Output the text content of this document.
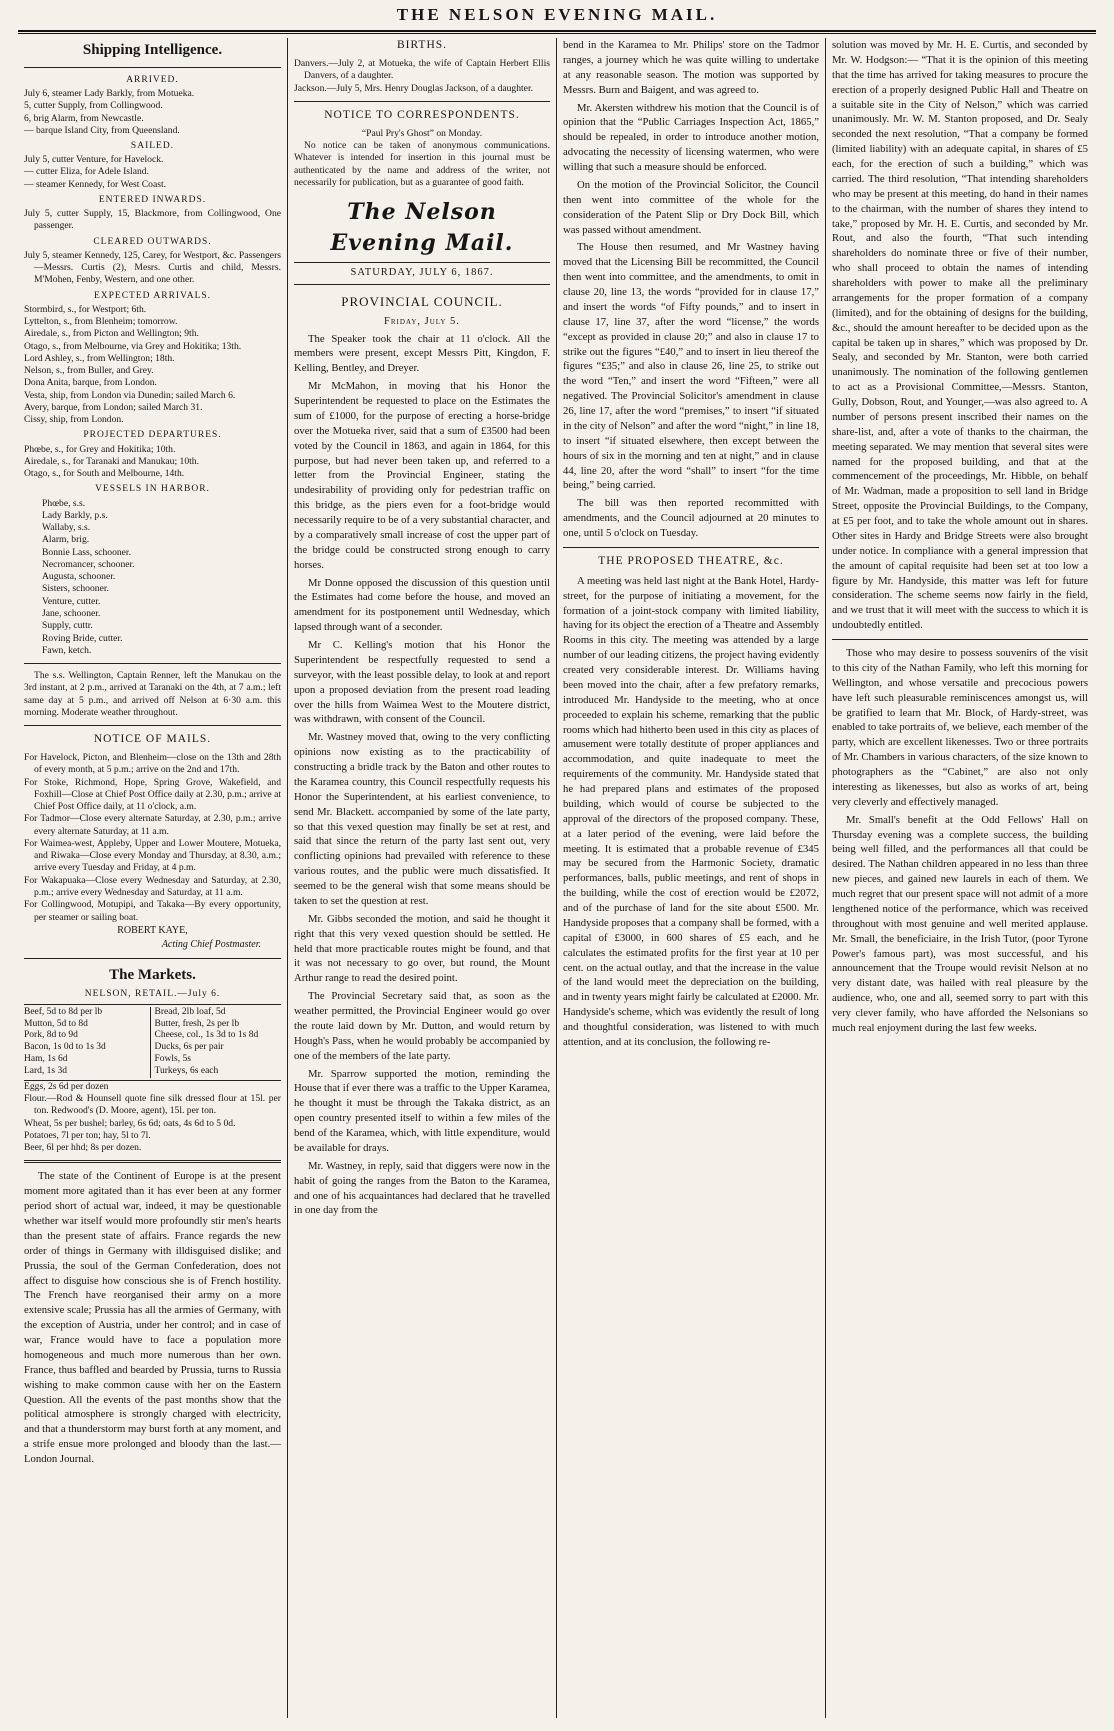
THE NELSON EVENING MAIL.
Shipping Intelligence.
ARRIVED.

July 6, steamer Lady Barkly, from Motueka.

5, cutter Supply, from Collingwood.

6, brig Alarm, from Newcastle.

— barque Island City, from Queensland.

SAILED.

July 5, cutter Venture, for Havelock.

— cutter Eliza, for Adele Island.

— steamer Kennedy, for West Coast.

ENTERED INWARDS.

July 5, cutter Supply, 15, Blackmore, from Collingwood, One passenger.

CLEARED OUTWARDS.

July 5, steamer Kennedy, 125, Carey, for Westport, &c. Passengers—Messrs. Curtis (2), Mesrs. Curtis and child, Messrs. M'Mohen, Fenby, Western, and one other.

EXPECTED ARRIVALS.

Stormbird, s., for Westport; 6th.

Lyttelton, s., from Blenheim; tomorrow.

Airedale, s., from Picton and Wellington; 9th.

Otago, s., from Melbourne, via Grey and Hokitika; 13th.

Lord Ashley, s., from Wellington; 18th.

Nelson, s., from Buller, and Grey.

Dona Anita, barque, from London.

Vesta, ship, from London via Dunedin; sailed March 6.

Avery, barque, from London; sailed March 31.

Cissy, ship, from London.

PROJECTED DEPARTURES.

Phœbe, s., for Grey and Hokitika; 10th.

Airedale, s., for Taranaki and Manukau; 10th.

Otago, s., for South and Melbourne, 14th.

VESSELS IN HARBOR.
Phœbe, s.s.
Lady Barkly, p.s.
Wallaby, s.s.
Alarm, brig.
Bonnie Lass, schooner.
Necromancer, schooner.
Augusta, schooner.
Sisters, schooner.
Venture, cutter.
Jane, schooner.
Supply, cuttr.
Roving Bride, cutter.
Fawn, ketch.

The s.s. Wellington, Captain Renner, left the Manukau on the 3rd instant, at 2 p.m., arrived at Taranaki on the 4th, at 7 a.m.; left same day at 5 p.m., and arrived off Nelson at 6·30 a.m. this morning. Moderate weather throughout.

NOTICE OF MAILS.

For Havelock, Picton, and Blenheim—close on the 13th and 28th of every month, at 5 p.m.; arrive on the 2nd and 17th.

For Stoke, Richmond, Hope, Spring Grove, Wakefield, and Foxhill—Close at Chief Post Office daily at 2.30, p.m.; arrive at Chief Post Office daily, at 11 o'clock, a.m.

For Tadmor—Close every alternate Saturday, at 2.30, p.m.; arrive every alternate Saturday, at 11 a.m.

For Waimea-west, Appleby, Upper and Lower Moutere, Motueka, and Riwaka—Close every Monday and Thursday, at 8.30, a.m.; arrive every Tuesday and Friday, at 4 p.m.

For Wakapuaka—Close every Wednesday and Saturday, at 2.30, p.m.; arrive every Wednesday and Saturday, at 11 a.m.

For Collingwood, Motupipi, and Takaka—By every opportunity, per steamer or sailing boat.

ROBERT KAYE,
Acting Chief Postmaster.
The Markets.
NELSON, RETAIL.—July 6.
Beef, 5d to 8d per lb	Bread, 2lb loaf, 5d
Mutton, 5d to 8d	Butter, fresh, 2s per lb
Pork, 8d to 9d	Cheese, col., 1s 3d to 1s 8d
Bacon, 1s 0d to 1s 3d	Ducks, 6s per pair
Ham, 1s 6d	Fowls, 5s
Lard, 1s 3d	Turkeys, 6s each

Eggs, 2s 6d per dozen

Flour.—Rod & Hounsell quote fine silk dressed flour at 15l. per ton. Redwood's (D. Moore, agent), 15l. per ton.

Wheat, 5s per bushel; barley, 6s 6d; oats, 4s 6d to 5 0d.

Potatoes, 7l per ton; hay, 5l to 7l.

Beer, 6l per hhd; 8s per dozen.

The state of the Continent of Europe is at the present moment more agitated than it has ever been at any former period short of actual war, indeed, it may be questionable whether war itself would more profoundly stir men's hearts than the present state of affairs. France regards the new order of things in Germany with illdisguised dislike; and Prussia, the soul of the German Confederation, does not affect to disguise how conscious she is of French hostility. The French have reorganised their army on a more extensive scale; Prussia has all the armies of Germany, with the exception of Austria, under her control; and in case of war, France would have to face a population more homogeneous and much more numerous than her own. France, thus baffled and bearded by Prussia, turns to Russia wishing to make common cause with her on the Eastern Question. All the events of the past months show that the political atmosphere is strongly charged with electricity, and that a thunderstorm may burst forth at any moment, and a strife ensue more prolonged and bloody than the last.—London Journal.

BIRTHS.

Danvers.—July 2, at Motueka, the wife of Captain Herbert Ellis Danvers, of a daughter.

Jackson.—July 5, Mrs. Henry Douglas Jackson, of a daughter.

NOTICE TO CORRESPONDENTS.

“Paul Pry's Ghost” on Monday.

No notice can be taken of anonymous communications. Whatever is intended for insertion in this journal must be authenticated by the name and address of the writer, not necessarily for publication, but as a guarantee of good faith.

The Nelson Evening Mail.
SATURDAY, JULY 6, 1867.
PROVINCIAL COUNCIL.
Friday, July 5.

The Speaker took the chair at 11 o'clock. All the members were present, except Messrs Pitt, Kingdon, F. Kelling, Bentley, and Dreyer.

Mr McMahon, in moving that his Honor the Superintendent be requested to place on the Estimates the sum of £1000, for the purpose of erecting a horse-bridge over the Motueka river, said that a sum of £3500 had been voted by the Council in 1863, and again in 1864, for this purpose, but had never been taken up, and referred to a letter from the Provincial Engineer, stating the undesirability of providing only for pedestrian traffic on this bridge, as the piers even for a foot-bridge would necessarily require to be of a very substantial character, and by a comparatively small increase of cost the upper part of the bridge could be constructed strong enough to carry horses.

Mr Donne opposed the discussion of this question until the Estimates had come before the house, and moved an amendment for its postponement until Wednesday, which lapsed through want of a seconder.

Mr C. Kelling's motion that his Honor the Superintendent be respectfully requested to send a surveyor, with the least possible delay, to look at and report upon a proposed deviation from the present road leading over the hills from Waimea West to the Moutere district, was withdrawn, with consent of the Council.

Mr. Wastney moved that, owing to the very conflicting opinions now existing as to the practicability of constructing a bridle track by the Baton and other routes to the Karamea country, this Council respectfully requests his Honor the Superintendent, at his earliest convenience, to send Mr. Blackett. accompanied by some of the late party, so that this vexed question may finally be set at rest, and said that since the return of the party last sent out, very conflicting opinions had prevailed with reference to these various routes, and the public were much dissatisfied. It seemed to be the general wish that some means should be taken to set the question at rest.

Mr. Gibbs seconded the motion, and said he thought it right that this very vexed question should be settled. He held that more practicable routes might be found, and that it was not necessary to go over, but round, the Mount Arthur range to read the desired point.

The Provincial Secretary said that, as soon as the weather permitted, the Provincial Engineer would go over the route laid down by Mr. Dutton, and would return by Hough's Pass, when he would probably be accompanied by one of the members of the late party.

Mr. Sparrow supported the motion, reminding the House that if ever there was a traffic to the Upper Karamea, he thought it must be through the Takaka district, as an open country presented itself to within a few miles of the bend of the Karamea, which, with little expenditure, would be available for drays.

Mr. Wastney, in reply, said that diggers were now in the habit of going the ranges from the Baton to the Karamea, and one of his acquaintances had declared that he travelled in one day from the

bend in the Karamea to Mr. Philips' store on the Tadmor ranges, a journey which he was quite willing to undertake at any reasonable season. The motion was supported by Messrs. Burn and Baigent, and was agreed to.

Mr. Akersten withdrew his motion that the Council is of opinion that the “Public Carriages Inspection Act, 1865,” should be repealed, in order to introduce another motion, advocating the necessity of licensing watermen, who were willing that such a measure should be enforced.

On the motion of the Provincial Solicitor, the Council then went into committee of the whole for the consideration of the Patent Slip or Dry Dock Bill, which was passed without amendment.

The House then resumed, and Mr Wastney having moved that the Licensing Bill be recommitted, the Council then went into committee, and the amendments, to omit in clause 20, line 13, the words “provided for in clause 17,” and insert the words “of Fifty pounds,” and to insert in clause 17, line 37, after the word “license,” the words “except as provided in clause 20;” and also in clause 17 to strike out the figures “£40,” and to insert in lieu thereof the figures “£35;” and also in clause 26, line 25, to strike out the word “Ten,” and insert the word “Fifteen,” were all negatived. The Provincial Solicitor's amendment in clause 26, line 17, after the word “premises,” to insert “if situated in the city of Nelson” and after the word “night,” in line 18, to insert “if situated elsewhere, then except between the hours of six in the morning and ten at night,” and in clause 44, line 20, after the word “shall” to insert “for the time being,” being carried.

The bill was then reported recommitted with amendments, and the Council adjourned at 20 minutes to one, until 5 o'clock on Tuesday.

THE PROPOSED THEATRE, &c.

A meeting was held last night at the Bank Hotel, Hardy-street, for the purpose of initiating a movement, for the formation of a joint-stock company with limited liability, having for its object the erection of a Theatre and Assembly Rooms in this city. The meeting was attended by a large number of our leading citizens, the project having evidently created very considerable interest. Dr. Williams having been moved into the chair, after a few prefatory remarks, introduced Mr. Handyside to the meeting, who at once proceeded to explain his scheme, remarking that the public rooms which had hitherto been used in this city as places of amusement were totally destitute of proper appliances and accommodation, and quite inadequate to meet the requirements of the community. Mr. Handyside stated that he had prepared plans and estimates of the proposed building, which would of course be subjected to the approval of the directors of the proposed company. These, at a later period of the evening, were laid before the meeting. It is estimated that a probable revenue of £345 may be secured from the Harmonic Society, dramatic performances, balls, public meetings, and rent of shops in the building, while the cost of erection would be £2072, and of the purchase of land for the site about £500. Mr. Handyside proposes that a company shall be formed, with a capital of £3000, in 600 shares of £5 each, and he calculates the estimated profits for the first year at 10 per cent. on the actual outlay, and that the increase in the value of the land would meet the depreciation on the building, and in twenty years might fairly be calculated at £2000. Mr. Handyside's scheme, which was evidently the result of long and thoughtful consideration, was listened to with much attention, and at its conclusion, the following re-

solution was moved by Mr. H. E. Curtis, and seconded by Mr. W. Hodgson:— “That it is the opinion of this meeting that the time has arrived for taking measures to procure the erection of a properly designed Public Hall and Theatre on a suitable site in the City of Nelson,” which was carried unanimously. Mr. W. M. Stanton proposed, and Dr. Sealy seconded the next resolution, “That a company be formed (limited liability) with an adequate capital, in shares of £5 each, for the erection of such a building,” which was carried. The third resolution, “That intending shareholders who may be present at this meeting, do hand in their names to the chairman, with the number of shares they intend to take,” proposed by Mr. H. E. Curtis, and seconded by Mr. Rout, and also the fourth, “That such intending shareholders do nominate three or five of their number, who shall proceed to obtain the names of intending shareholders with power to make all the preliminary arrangements for the proper formation of a company (limited), and for the obtaining of designs for the building, &c., should the amount hereafter to be decided upon as the capital be taken up in shares,” which was proposed by Dr. Sealy, and seconded by Mr. Stanton, were both carried unanimously. The nomination of the following gentlemen to act as a Provisional Committee,—Messrs. Stanton, Gully, Dobson, Rout, and Younger,—was also agreed to. A number of persons present inscribed their names on the share-list, and, after a vote of thanks to the chairman, the meeting separated. We may mention that several sites were named for the proposed building, and that at the commencement of the proceedings, Mr. Hibble, on behalf of Mr. Wadman, made a proposition to sell land in Bridge Street, opposite the Provincial Buildings, to the Company, at £5 per foot, and to take the whole amount out in shares. Other sites in Hardy and Bridge Streets were also brought under notice. In compliance with a general impression that the amount of capital requisite had been set at too low a figure by Mr. Handyside, this matter was left for future consideration. The scheme seems now fairly in the field, and we trust that it will meet with the success to which it is undoubtedly entitled.

Those who may desire to possess souvenirs of the visit to this city of the Nathan Family, who left this morning for Wellington, and whose versatile and precocious powers have left such pleasurable reminiscences amongst us, will be gratified to learn that Mr. Block, of Hardy-street, was enabled to take portraits of, we believe, each member of the party, which are excellent likenesses. Two or three portraits of Mr. Chambers in various characters, of the size known to photographers as the “Cabinet,” are also not only interesting as likenesses, but also as works of art, being very cleverly and effectively managed.

Mr. Small's benefit at the Odd Fellows' Hall on Thursday evening was a complete success, the building being well filled, and the performances all that could be desired. The Nathan children appeared in no less than three new pieces, and gained new laurels in each of them. We much regret that our present space will not admit of a more lengthened notice of the performance, which was received throughout with most genuine and well merited applause. Mr. Small, the beneficiaire, in the Irish Tutor, (poor Tyrone Power's famous part), was most successful, and his announcement that the Troupe would revisit Nelson at no very distant date, was hailed with real pleasure by the audience, who, one and all, seemed sorry to part with this very clever family, who have afforded the Nelsonians so much real enjoyment during the last few weeks.
